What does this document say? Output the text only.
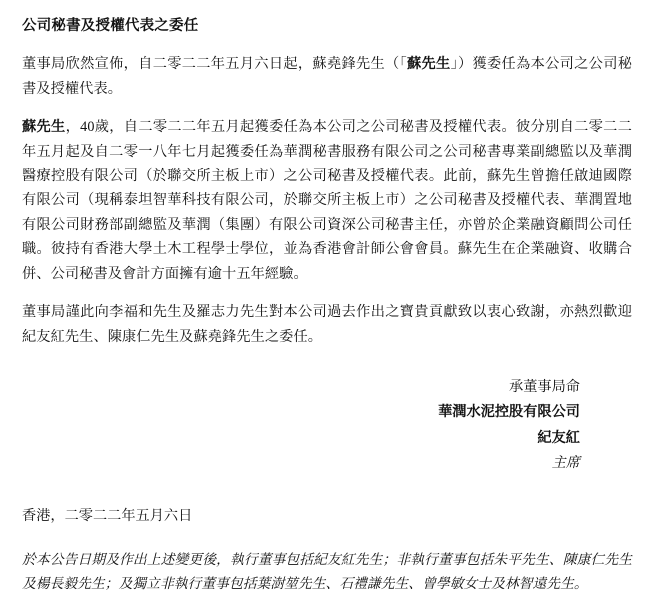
公司秘書及授權代表之委任

董事局欣然宣佈，自二零二二年五月六日起，蘇堯鋒先生（「蘇先生」）獲委任為本公司之公司秘書及授權代表。

蘇先生，40歲，自二零二二年五月起獲委任為本公司之公司秘書及授權代表。彼分別自二零二二年五月起及自二零一八年七月起獲委任為華潤秘書服務有限公司之公司秘書專業副總監以及華潤醫療控股有限公司（於聯交所主板上市）之公司秘書及授權代表。此前，蘇先生曾擔任啟迪國際有限公司（現稱泰坦智華科技有限公司，於聯交所主板上市）之公司秘書及授權代表、華潤置地有限公司財務部副總監及華潤（集團）有限公司資深公司秘書主任，亦曾於企業融資顧問公司任職。彼持有香港大學土木工程學士學位，並為香港會計師公會會員。蘇先生在企業融資、收購合併、公司秘書及會計方面擁有逾十五年經驗。

董事局謹此向李福和先生及羅志力先生對本公司過去作出之寶貴貢獻致以衷心致謝，亦熱烈歡迎紀友紅先生、陳康仁先生及蘇堯鋒先生之委任。

承董事局命
華潤水泥控股有限公司
紀友紅
主席
香港，二零二二年五月六日
於本公告日期及作出上述變更後，執行董事包括紀友紅先生；非執行董事包括朱平先生、陳康仁先生及楊長毅先生；及獨立非執行董事包括葉澍堃先生、石禮謙先生、曾學敏女士及林智遠先生。
